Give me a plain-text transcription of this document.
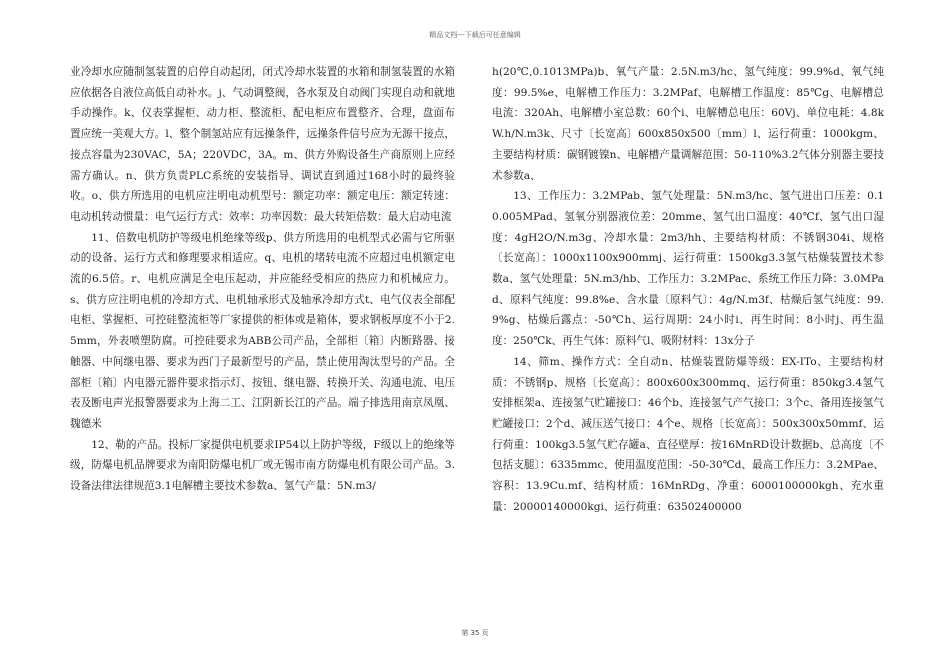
精品文档---下载后可任意编辑

业冷却水应随制氢装置的启停自动起闭，闭式冷却水装置的水箱和制氢装置的水箱应依据各自液位高低自动补水。j、气动调整阀，各水泵及自动阀门实现自动和就地手动操作。k、仪表掌握柜、动力柜、整流柜、配电柜应布置整齐、合理，盘面布置应统一美观大方。l、整个制氢站应有远操条件，远操条件信号应为无源干接点，接点容量为230VAC，5A；220VDC，3A。m、供方外购设备生产商原则上应经需方确认。n、供方负责PLC系统的安装指导、调试直到通过168小时的最终验收。o、供方所选用的电机应注明电动机型号：额定功率：额定电压：额定转速：电动机转动惯量：电气运行方式：效率：功率因数：最大转矩倍数：最大启动电流

11、倍数电机防护等级电机绝缘等级p、供方所选用的电机型式必需与它所驱动的设备、运行方式和修理要求相适应。q、电机的堵转电流不应超过电机额定电流的6.5倍。r、电机应满足全电压起动，并应能经受相应的热应力和机械应力。s、供方应注明电机的冷却方式、电机轴承形式及轴承冷却方式t、电气仪表全部配电柜、掌握柜、可控硅整流柜等厂家提供的柜体或是箱体，要求钢板厚度不小于2.5mm，外表喷塑防腐。可控硅要求为ABB公司产品，全部柜〔箱〕内断路器、接触器、中间继电器、要求为西门子最新型号的产品，禁止使用淘汰型号的产品。全部柜〔箱〕内电器元器件要求指示灯、按钮、继电器、转换开关、沟通电流、电压表及断电声光报警器要求为上海二工、江阴新长江的产品。端子排选用南京凤凰、魏德米

12、勒的产品。投标厂家提供电机要求IP54以上防护等级，F级以上的绝缘等级，防爆电机品牌要求为南阳防爆电机厂或无锡市南方防爆电机有限公司产品。3.设备法律法律规范3.1电解槽主要技术参数a、氢气产量：5N.m3/

h(20℃,0.1013MPa)b、氧气产量：2.5N.m3/hc、氢气纯度：99.9%d、氧气纯度：99.5%e、电解槽工作压力：3.2MPaf、电解槽工作温度：85℃g、电解槽总电流：320Ah、电解槽小室总数：60个i、电解槽总电压：60Vj、单位电耗：4.8kW.h/N.m3k、尺寸〔长宽高〕600x850x500〔mm〕l、运行荷重：1000kgm、主要结构材质：碳钢镀镍n、电解槽产量调解范围：50-110%3.2气体分别器主要技术参数a、

13、工作压力：3.2MPab、氢气处理量：5N.m3/hc、氢气进出口压差：0.10.005MPad、氢氧分别器液位差：20mme、氢气出口温度：40℃f、氢气出口湿度：4gH2O/N.m3g、冷却水量：2m3/hh、主要结构材质：不锈钢304i、规格〔长宽高〕：1000x1100x900mmj、运行荷重：1500kg3.3氢气枯燥装置技术参数a、氢气处理量：5N.m3/hb、工作压力：3.2MPac、系统工作压力降：3.0MPad、原料气纯度：99.8%e、含水量〔原料气〕：4g/N.m3f、枯燥后氢气纯度：99.9%g、枯燥后露点：-50℃h、运行周期：24小时i、再生时间：8小时j、再生温度：250℃k、再生气体：原料气l、吸附材料：13x分子

14、筛m、操作方式：全自动n、枯燥装置防爆等级：EX-ITo、主要结构材质：不锈钢p、规格〔长宽高〕：800x600x300mmq、运行荷重：850kg3.4氢气安排框架a、连接氢气贮罐接口：46个b、连接氢气产气接口：3个c、备用连接氢气贮罐接口：2个d、减压送气接口：4个e、规格〔长宽高〕：500x300x50mmf、运行荷重：100kg3.5氢气贮存罐a、直径壁厚：按16MnRD设计数据b、总高度〔不包括支腿〕：6335mmc、使用温度范围：-50-30℃d、最高工作压力：3.2MPae、容积：13.9Cu.mf、结构材质：16MnRDg、净重：6000100000kgh、充水重量：20000140000kgi、运行荷重：63502400000

第 35 页
